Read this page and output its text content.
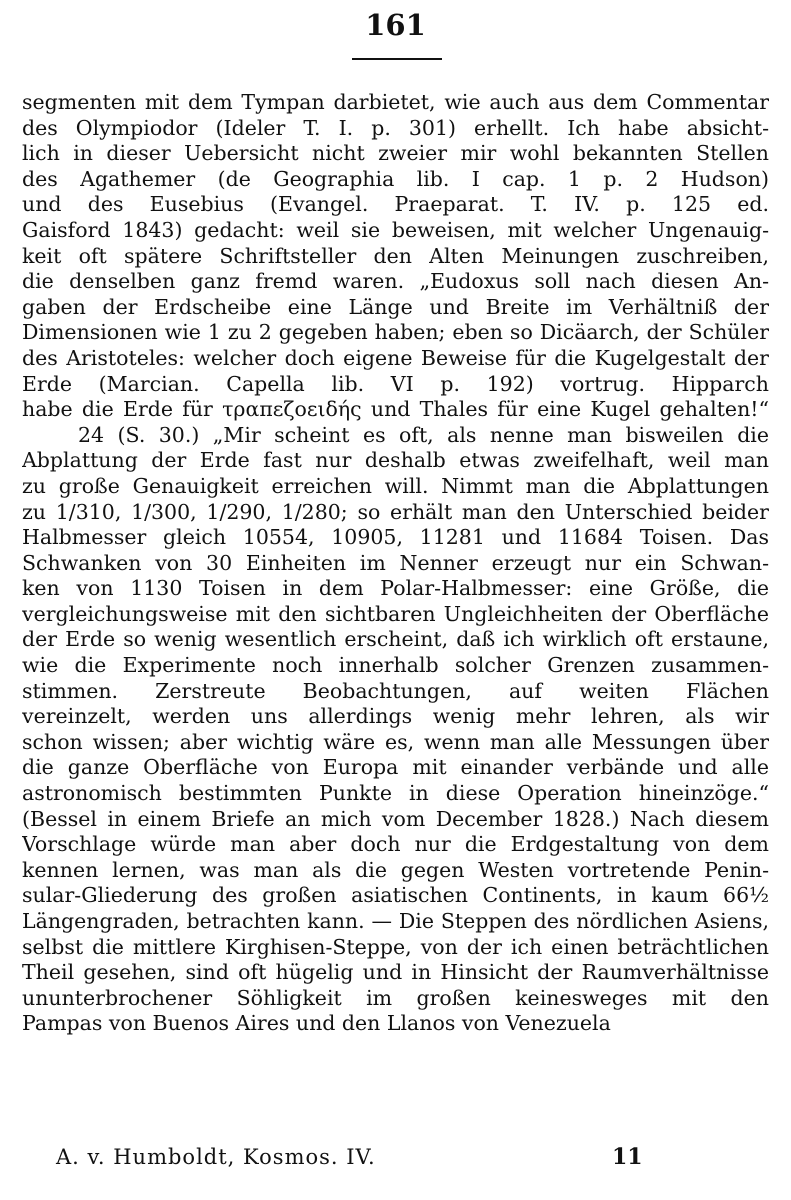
161
segmenten mit dem Tympan darbietet, wie auch aus dem Commentar
des Olympiodor (Ideler T. I. p. 301) erhellt. Ich habe absicht-
lich in dieser Uebersicht nicht zweier mir wohl bekannten Stellen
des Agathemer (de Geographia lib. I cap. 1 p. 2 Hudson)
und des Eusebius (Evangel. Praeparat. T. IV. p. 125 ed.
Gaisford 1843) gedacht: weil sie beweisen, mit welcher Ungenauig-
keit oft spätere Schriftsteller den Alten Meinungen zuschreiben,
die denselben ganz fremd waren. „Eudoxus soll nach diesen An-
gaben der Erdscheibe eine Länge und Breite im Verhältniß der
Dimensionen wie 1 zu 2 gegeben haben; eben so Dicäarch, der Schüler
des Aristoteles: welcher doch eigene Beweise für die Kugelgestalt der
Erde (Marcian. Capella lib. VI p. 192) vortrug. Hipparch
habe die Erde für τραπεζοειδής und Thales für eine Kugel gehalten!“
24 (S. 30.) „Mir scheint es oft, als nenne man bisweilen die
Abplattung der Erde fast nur deshalb etwas zweifelhaft, weil man
zu große Genauigkeit erreichen will. Nimmt man die Abplattungen
zu 1/310, 1/300, 1/290, 1/280; so erhält man den Unterschied beider
Halbmesser gleich 10554, 10905, 11281 und 11684 Toisen. Das
Schwanken von 30 Einheiten im Nenner erzeugt nur ein Schwan-
ken von 1130 Toisen in dem Polar-Halbmesser: eine Größe, die
vergleichungsweise mit den sichtbaren Ungleichheiten der Oberfläche
der Erde so wenig wesentlich erscheint, daß ich wirklich oft erstaune,
wie die Experimente noch innerhalb solcher Grenzen zusammen-
stimmen. Zerstreute Beobachtungen, auf weiten Flächen
vereinzelt, werden uns allerdings wenig mehr lehren, als wir
schon wissen; aber wichtig wäre es, wenn man alle Messungen über
die ganze Oberfläche von Europa mit einander verbände und alle
astronomisch bestimmten Punkte in diese Operation hineinzöge.“
(Bessel in einem Briefe an mich vom December 1828.) Nach diesem
Vorschlage würde man aber doch nur die Erdgestaltung von dem
kennen lernen, was man als die gegen Westen vortretende Penin-
sular-Gliederung des großen asiatischen Continents, in kaum 66½
Längengraden, betrachten kann. — Die Steppen des nördlichen Asiens,
selbst die mittlere Kirghisen-Steppe, von der ich einen beträchtlichen
Theil gesehen, sind oft hügelig und in Hinsicht der Raumverhältnisse
ununterbrochener Söhligkeit im großen keinesweges mit den
Pampas von Buenos Aires und den Llanos von Venezuela
A. v. Humboldt, Kosmos. IV.	11
